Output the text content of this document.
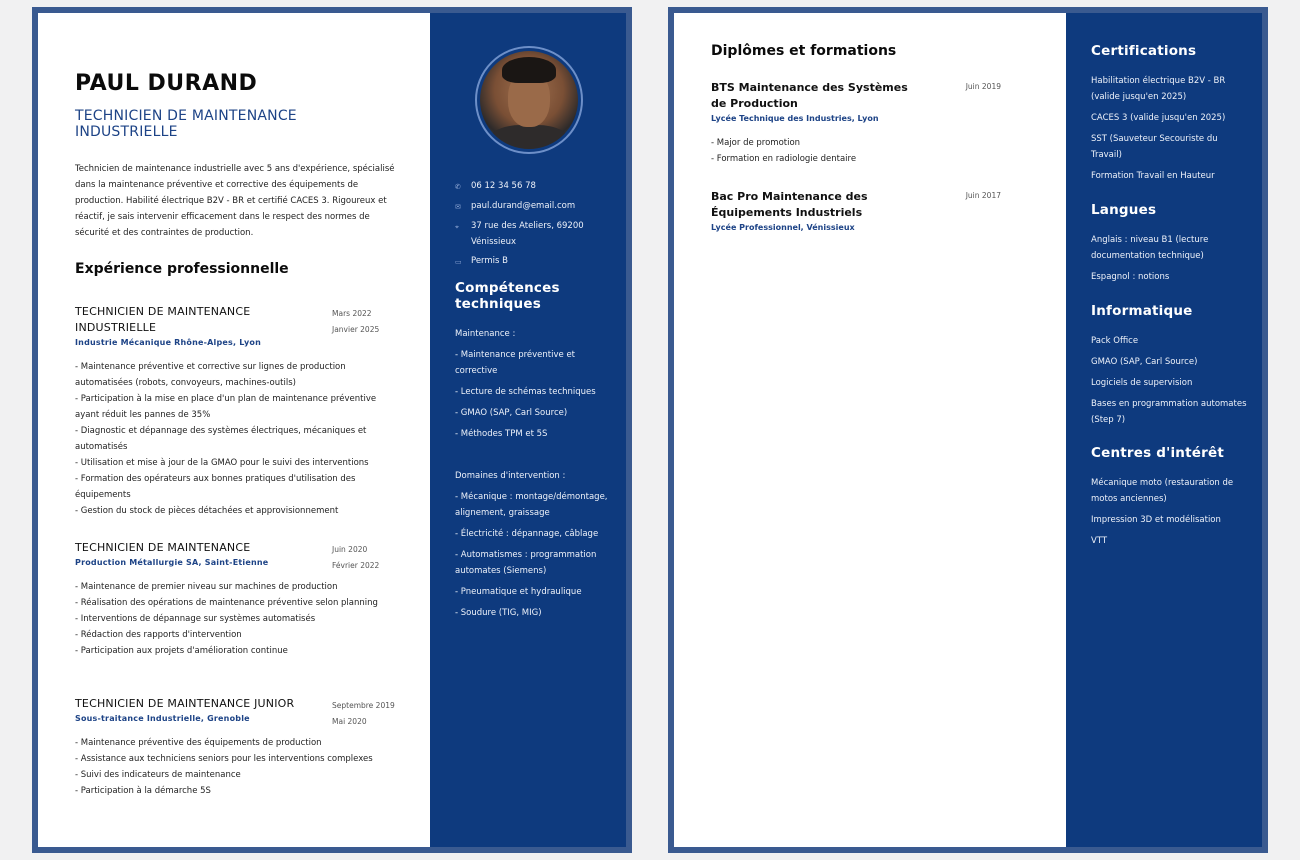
PAUL DURAND
TECHNICIEN DE MAINTENANCE INDUSTRIELLE
Technicien de maintenance industrielle avec 5 ans d'expérience, spécialisé dans la maintenance préventive et corrective des équipements de production. Habilité électrique B2V - BR et certifié CACES 3. Rigoureux et réactif, je sais intervenir efficacement dans le respect des normes de sécurité et des contraintes de production.
Expérience professionnelle
TECHNICIEN DE MAINTENANCE INDUSTRIELLE
Mars 2022
Janvier 2025
Industrie Mécanique Rhône-Alpes, Lyon
- Maintenance préventive et corrective sur lignes de production automatisées (robots, convoyeurs, machines-outils)
- Participation à la mise en place d'un plan de maintenance préventive ayant réduit les pannes de 35%
- Diagnostic et dépannage des systèmes électriques, mécaniques et automatisés
- Utilisation et mise à jour de la GMAO pour le suivi des interventions
- Formation des opérateurs aux bonnes pratiques d'utilisation des équipements
- Gestion du stock de pièces détachées et approvisionnement
TECHNICIEN DE MAINTENANCE	Juin 2020
Février 2022
Production Métallurgie SA, Saint-Etienne
- Maintenance de premier niveau sur machines de production
- Réalisation des opérations de maintenance préventive selon planning
- Interventions de dépannage sur systèmes automatisés
- Rédaction des rapports d'intervention
- Participation aux projets d'amélioration continue
TECHNICIEN DE MAINTENANCE JUNIOR	Septembre 2019
Mai 2020
Sous-traitance Industrielle, Grenoble
- Maintenance préventive des équipements de production
- Assistance aux techniciens seniors pour les interventions complexes
- Suivi des indicateurs de maintenance
- Participation à la démarche 5S
✆	06 12 34 56 78
✉	paul.durand@email.com
⌖	37 rue des Ateliers, 69200 Vénissieux
▭	Permis B
Compétences techniques
Maintenance :
- Maintenance préventive et corrective
- Lecture de schémas techniques
- GMAO (SAP, Carl Source)
- Méthodes TPM et 5S
Domaines d'intervention :
- Mécanique : montage/démontage, alignement, graissage
- Électricité : dépannage, câblage
- Automatismes : programmation automates (Siemens)
- Pneumatique et hydraulique
- Soudure (TIG, MIG)
Diplômes et formations
BTS Maintenance des Systèmes de Production
Juin 2019
Lycée Technique des Industries, Lyon
- Major de promotion
- Formation en radiologie dentaire
Bac Pro Maintenance des Équipements Industriels
Juin 2017
Lycée Professionnel, Vénissieux
Certifications
Habilitation électrique B2V - BR (valide jusqu'en 2025)
CACES 3 (valide jusqu'en 2025)
SST (Sauveteur Secouriste du Travail)
Formation Travail en Hauteur
Langues
Anglais : niveau B1 (lecture documentation technique)
Espagnol : notions
Informatique
Pack Office
GMAO (SAP, Carl Source)
Logiciels de supervision
Bases en programmation automates (Step 7)
Centres d'intérêt
Mécanique moto (restauration de motos anciennes)
Impression 3D et modélisation
VTT
